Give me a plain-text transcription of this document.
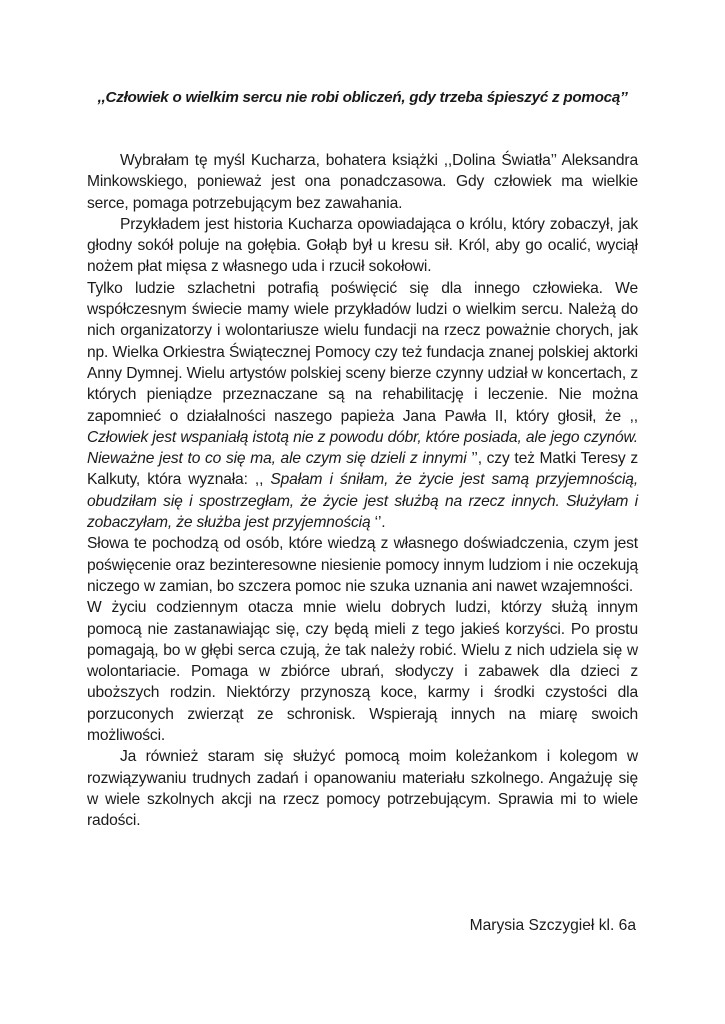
,,Człowiek o wielkim sercu nie robi obliczeń, gdy trzeba śpieszyć z pomocą’’

Wybrałam tę myśl Kucharza, bohatera książki ,,Dolina Światła’’ Aleksandra Minkowskiego, ponieważ jest ona ponadczasowa. Gdy człowiek ma wielkie serce, pomaga potrzebującym bez zawahania.

Przykładem jest historia Kucharza opowiadająca o królu, który zobaczył, jak głodny sokół poluje na gołębia. Gołąb był u kresu sił. Król, aby go ocalić, wyciął nożem płat mięsa z własnego uda i rzucił sokołowi.

Tylko ludzie szlachetni potrafią poświęcić się dla innego człowieka. We współczesnym świecie mamy wiele przykładów ludzi o wielkim sercu. Należą do nich organizatorzy i wolontariusze wielu fundacji na rzecz poważnie chorych, jak np. Wielka Orkiestra Świątecznej Pomocy czy też fundacja znanej polskiej aktorki Anny Dymnej. Wielu artystów polskiej sceny bierze czynny udział w koncertach, z których pieniądze przeznaczane są na rehabilitację i leczenie. Nie można zapomnieć o działalności naszego papieża Jana Pawła II, który głosił, że ,, Człowiek jest wspaniałą istotą nie z powodu dóbr, które posiada, ale jego czynów. Nieważne jest to co się ma, ale czym się dzieli z innymi ’’, czy też Matki Teresy z Kalkuty, która wyznała: ,, Spałam i śniłam, że życie jest samą przyjemnością, obudziłam się i spostrzegłam, że życie jest służbą na rzecz innych. Służyłam i zobaczyłam, że służba jest przyjemnością ‘’.

Słowa te pochodzą od osób, które wiedzą z własnego doświadczenia, czym jest poświęcenie oraz bezinteresowne niesienie pomocy innym ludziom i nie oczekują niczego w zamian, bo szczera pomoc nie szuka uznania ani nawet wzajemności.

W życiu codziennym otacza mnie wielu dobrych ludzi, którzy służą innym pomocą nie zastanawiając się, czy będą mieli z tego jakieś korzyści. Po prostu pomagają, bo w głębi serca czują, że tak należy robić. Wielu z nich udziela się w wolontariacie. Pomaga w zbiórce ubrań, słodyczy i zabawek dla dzieci z uboższych rodzin. Niektórzy przynoszą koce, karmy i środki czystości dla porzuconych zwierząt ze schronisk. Wspierają innych na miarę swoich możliwości.

Ja również staram się służyć pomocą moim koleżankom i kolegom w rozwiązywaniu trudnych zadań i opanowaniu materiału szkolnego. Angażuję się w wiele szkolnych akcji na rzecz pomocy potrzebującym. Sprawia mi to wiele radości.

Marysia Szczygieł kl. 6a
